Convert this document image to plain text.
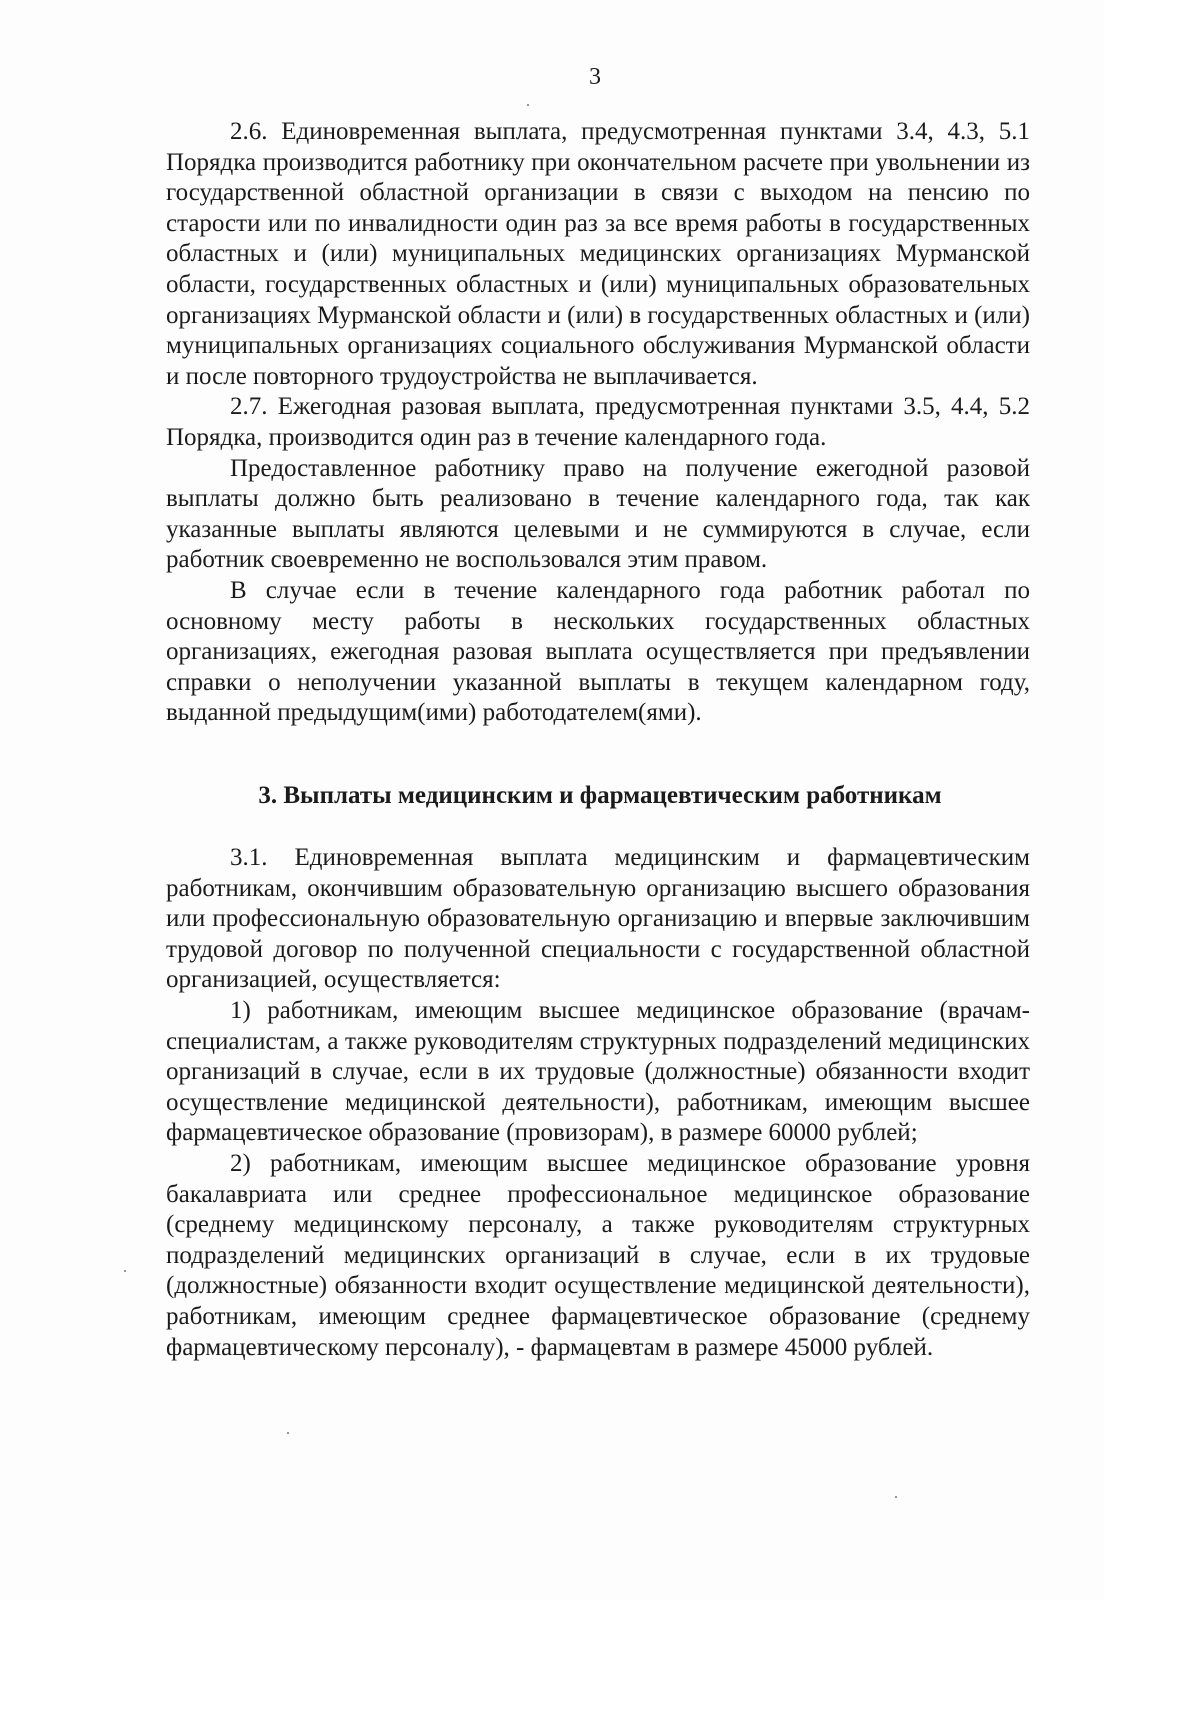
3

2.6. Единовременная выплата, предусмотренная пунктами 3.4, 4.3, 5.1 Порядка производится работнику при окончательном расчете при увольнении из государственной областной организации в связи с выходом на пенсию по старости или по инвалидности один раз за все время работы в государственных областных и (или) муниципальных медицинских организациях Мурманской области, государственных областных и (или) муниципальных образовательных организациях Мурманской области и (или) в государственных областных и (или) муниципальных организациях социального обслуживания Мурманской области и после повторного трудоустройства не выплачивается.

2.7. Ежегодная разовая выплата, предусмотренная пунктами 3.5, 4.4, 5.2 Порядка, производится один раз в течение календарного года.

Предоставленное работнику право на получение ежегодной разовой выплаты должно быть реализовано в течение календарного года, так как указанные выплаты являются целевыми и не суммируются в случае, если работник своевременно не воспользовался этим правом.

В случае если в течение календарного года работник работал по основному месту работы в нескольких государственных областных организациях, ежегодная разовая выплата осуществляется при предъявлении справки о неполучении указанной выплаты в текущем календарном году, выданной предыдущим(ими) работодателем(ями).

3. Выплаты медицинским и фармацевтическим работникам

3.1. Единовременная выплата медицинским и фармацевтическим работникам, окончившим образовательную организацию высшего образования или профессиональную образовательную организацию и впервые заключившим трудовой договор по полученной специальности с государственной областной организацией, осуществляется:

1) работникам, имеющим высшее медицинское образование (врачам-специалистам, а также руководителям структурных подразделений медицинских организаций в случае, если в их трудовые (должностные) обязанности входит осуществление медицинской деятельности), работникам, имеющим высшее фармацевтическое образование (провизорам), в размере 60000 рублей;

2) работникам, имеющим высшее медицинское образование уровня бакалавриата или среднее профессиональное медицинское образование (среднему медицинскому персоналу, а также руководителям структурных подразделений медицинских организаций в случае, если в их трудовые (должностные) обязанности входит осуществление медицинской деятельности), работникам, имеющим среднее фармацевтическое образование (среднему фармацевтическому персоналу), - фармацевтам в размере 45000 рублей.
